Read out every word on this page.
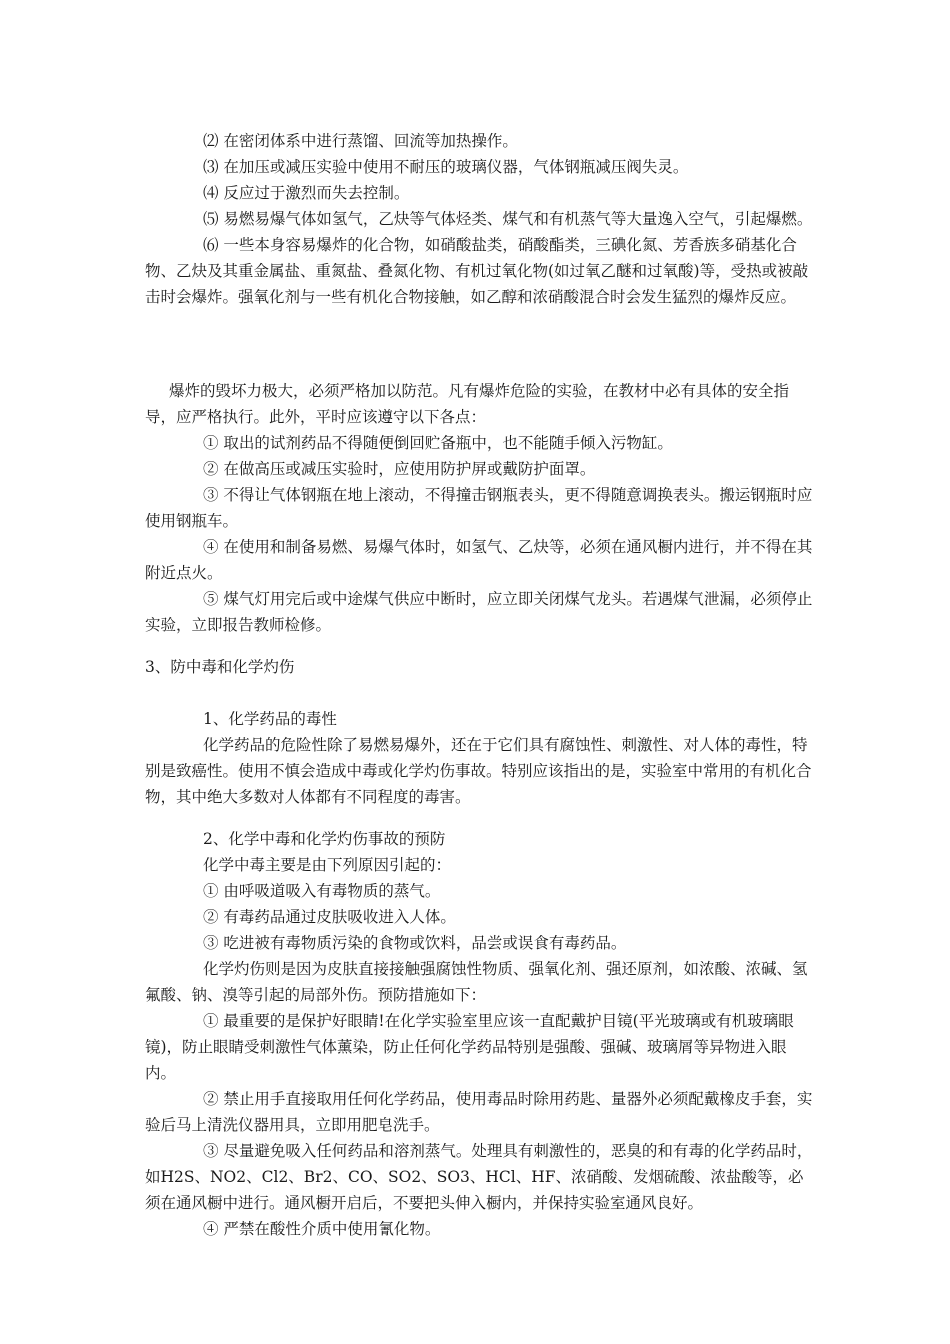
⑵ 在密闭体系中进行蒸馏、回流等加热操作。

⑶ 在加压或减压实验中使用不耐压的玻璃仪器，气体钢瓶减压阀失灵。

⑷ 反应过于激烈而失去控制。

⑸ 易燃易爆气体如氢气，乙炔等气体烃类、煤气和有机蒸气等大量逸入空气，引起爆燃。

⑹ 一些本身容易爆炸的化合物，如硝酸盐类，硝酸酯类，三碘化氮、芳香族多硝基化合物、乙炔及其重金属盐、重氮盐、叠氮化物、有机过氧化物(如过氧乙醚和过氧酸)等，受热或被敲击时会爆炸。强氧化剂与一些有机化合物接触，如乙醇和浓硝酸混合时会发生猛烈的爆炸反应。

爆炸的毁坏力极大，必须严格加以防范。凡有爆炸危险的实验，在教材中必有具体的安全指导，应严格执行。此外，平时应该遵守以下各点：

① 取出的试剂药品不得随便倒回贮备瓶中，也不能随手倾入污物缸。

② 在做高压或减压实验时，应使用防护屏或戴防护面罩。

③ 不得让气体钢瓶在地上滚动，不得撞击钢瓶表头，更不得随意调换表头。搬运钢瓶时应使用钢瓶车。

④ 在使用和制备易燃、易爆气体时，如氢气、乙炔等，必须在通风橱内进行，并不得在其附近点火。

⑤ 煤气灯用完后或中途煤气供应中断时，应立即关闭煤气龙头。若遇煤气泄漏，必须停止实验，立即报告教师检修。

3、防中毒和化学灼伤

1、化学药品的毒性

化学药品的危险性除了易燃易爆外，还在于它们具有腐蚀性、刺激性、对人体的毒性，特别是致癌性。使用不慎会造成中毒或化学灼伤事故。特别应该指出的是，实验室中常用的有机化合物，其中绝大多数对人体都有不同程度的毒害。

2、化学中毒和化学灼伤事故的预防

化学中毒主要是由下列原因引起的：

① 由呼吸道吸入有毒物质的蒸气。

② 有毒药品通过皮肤吸收进入人体。

③ 吃进被有毒物质污染的食物或饮料，品尝或误食有毒药品。

化学灼伤则是因为皮肤直接接触强腐蚀性物质、强氧化剂、强还原剂，如浓酸、浓碱、氢氟酸、钠、溴等引起的局部外伤。预防措施如下：

① 最重要的是保护好眼睛!在化学实验室里应该一直配戴护目镜(平光玻璃或有机玻璃眼镜)，防止眼睛受刺激性气体薰染，防止任何化学药品特别是强酸、强碱、玻璃屑等异物进入眼内。

② 禁止用手直接取用任何化学药品，使用毒品时除用药匙、量器外必须配戴橡皮手套，实验后马上清洗仪器用具，立即用肥皂洗手。

③ 尽量避免吸入任何药品和溶剂蒸气。处理具有刺激性的，恶臭的和有毒的化学药品时，如H2S、NO2、Cl2、Br2、CO、SO2、SO3、HCl、HF、浓硝酸、发烟硫酸、浓盐酸等，必须在通风橱中进行。通风橱开启后，不要把头伸入橱内，并保持实验室通风良好。

④ 严禁在酸性介质中使用氰化物。
